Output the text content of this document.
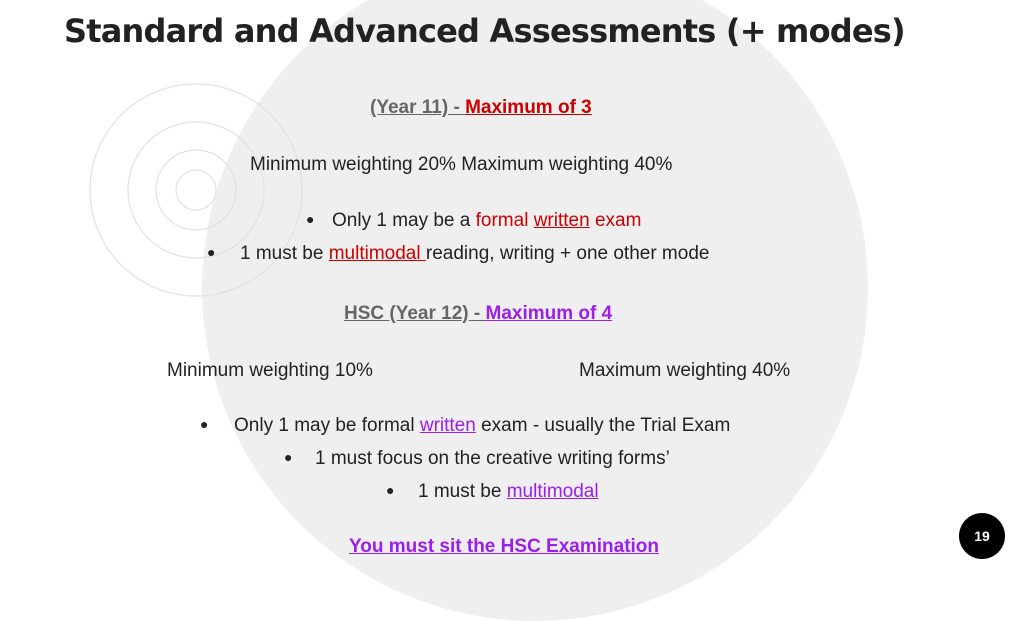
Standard and Advanced Assessments (+ modes)
(Year 11) - Maximum of 3
Minimum weighting 20% Maximum weighting 40%
● Only 1 may be a formal written exam
● 1 must be multimodal reading, writing + one other mode
HSC (Year 12) - Maximum of 4
Minimum weighting 10%	Maximum weighting 40%
● Only 1 may be formal written exam - usually the Trial Exam
● 1 must focus on the creative writing forms’
● 1 must be multimodal
You must sit the HSC Examination	19
